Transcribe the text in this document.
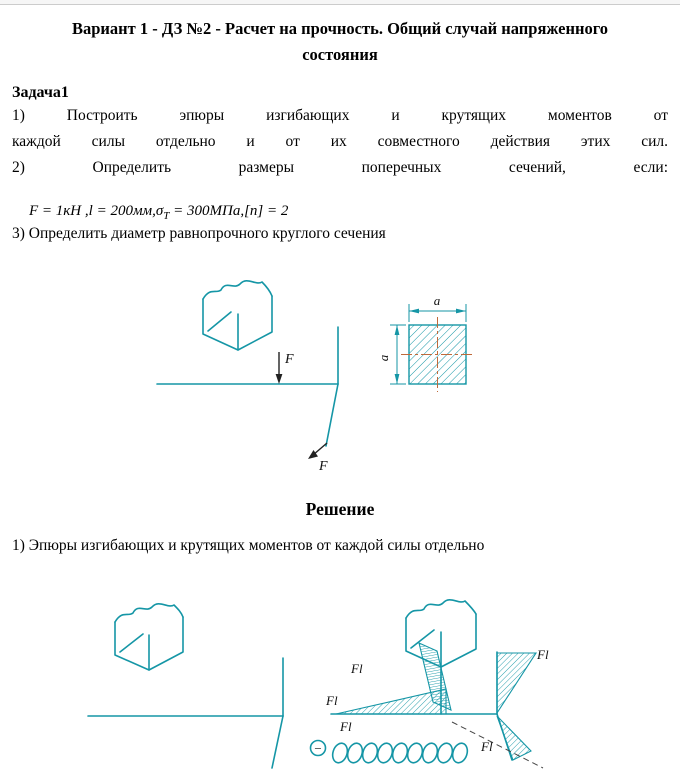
Вариант 1 - ДЗ №2 - Расчет на прочность. Общий случай напряженного состояния
Задача1
1) Построить эпюры изгибающих и крутящих моментов от
каждой силы отдельно и от их совместного действия этих сил.
2) Определить размеры поперечных сечений, если:

F = 1кН $,l = 200мм,\sigma_Т = 300МПа,[n] = 2$

3) Определить диаметр равнопрочного круглого сечения
F
F
a
a
Решение
1) Эпюры изгибающих и крутящих моментов от каждой силы отдельно
−
Fl
Fl
Fl
Fl
Fl
